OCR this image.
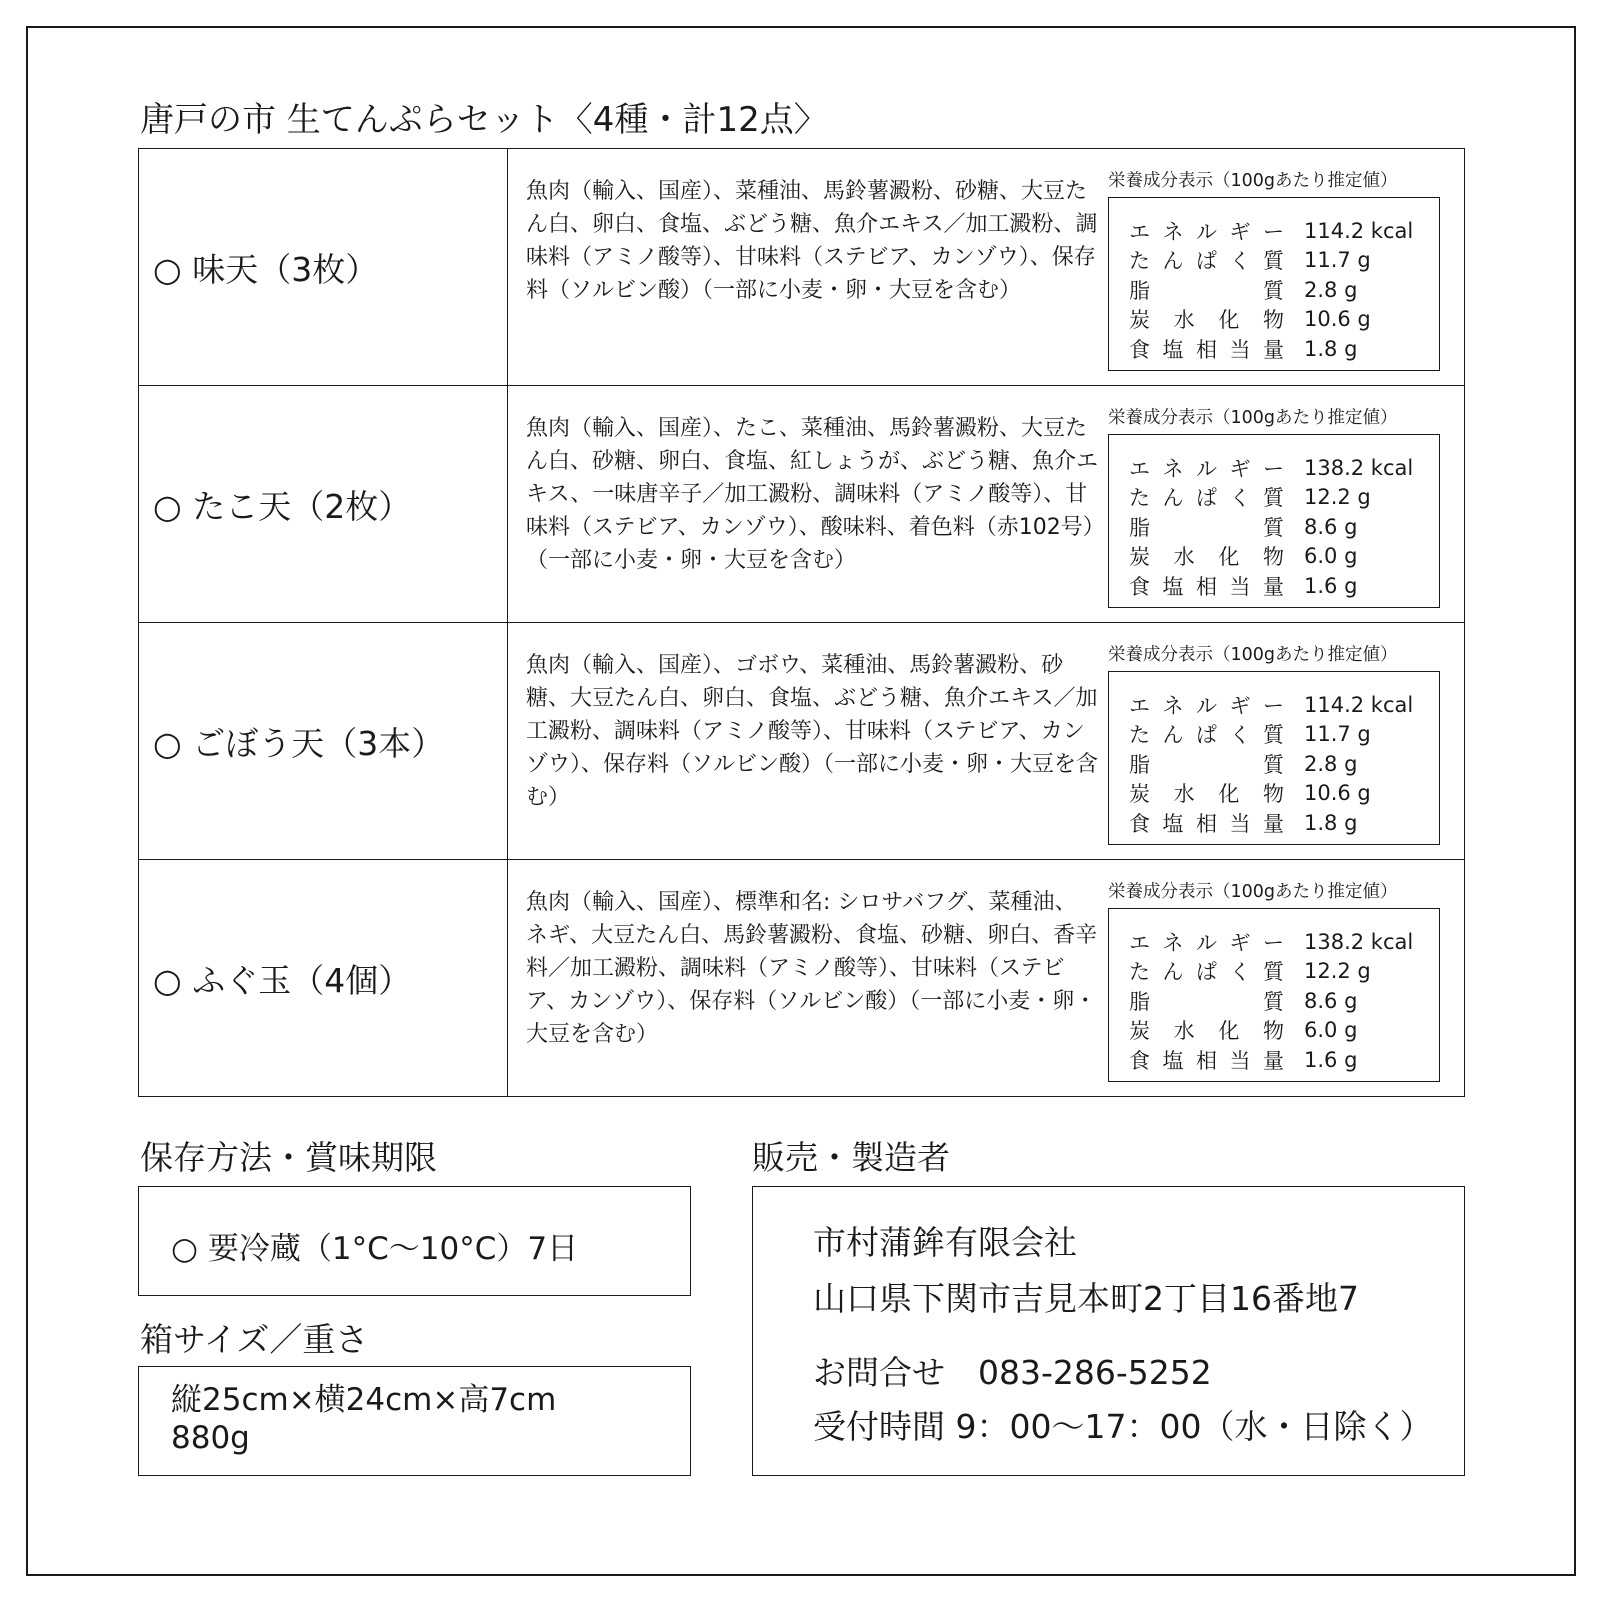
唐戸の市 生てんぷらセット〈4種・計12点〉
○ 味天（3枚）
魚肉（輸入、国産）、菜種油、馬鈴薯澱粉、砂糖、大豆たん白、卵白、食塩、ぶどう糖、魚介エキス／加工澱粉、調味料（アミノ酸等）、甘味料（ステビア、カンゾウ）、保存料（ソルビン酸）（一部に小麦・卵・大豆を含む）
栄養成分表示（100gあたり推定値）
エ ネ ル ギ ー 114.2 kcal
た ん ぱ く 質 11.7 g
脂	質 2.8 g
炭 水 化 物 10.6 g
食 塩 相 当 量 1.8 g
○ たこ天（2枚）
魚肉（輸入、国産）、たこ、菜種油、馬鈴薯澱粉、大豆たん白、砂糖、卵白、食塩、紅しょうが、ぶどう糖、魚介エキス、一味唐辛子／加工澱粉、調味料（アミノ酸等）、甘味料（ステビア、カンゾウ）、酸味料、着色料（赤102号）（一部に小麦・卵・大豆を含む）
栄養成分表示（100gあたり推定値）
エ ネ ル ギ ー 138.2 kcal
た ん ぱ く 質 12.2 g
脂	質 8.6 g
炭 水 化 物 6.0 g
食 塩 相 当 量 1.6 g
○ ごぼう天（3本）
魚肉（輸入、国産）、ゴボウ、菜種油、馬鈴薯澱粉、砂糖、大豆たん白、卵白、食塩、ぶどう糖、魚介エキス／加工澱粉、調味料（アミノ酸等）、甘味料（ステビア、カンゾウ）、保存料（ソルビン酸）（一部に小麦・卵・大豆を含む）
栄養成分表示（100gあたり推定値）
エ ネ ル ギ ー 114.2 kcal
た ん ぱ く 質 11.7 g
脂	質 2.8 g
炭 水 化 物 10.6 g
食 塩 相 当 量 1.8 g
○ ふぐ玉（4個）
魚肉（輸入、国産）、標準和名: シロサバフグ、菜種油、ネギ、大豆たん白、馬鈴薯澱粉、食塩、砂糖、卵白、香辛料／加工澱粉、調味料（アミノ酸等）、甘味料（ステビア、カンゾウ）、保存料（ソルビン酸）（一部に小麦・卵・大豆を含む）
栄養成分表示（100gあたり推定値）
エ ネ ル ギ ー 138.2 kcal
た ん ぱ く 質 12.2 g
脂	質 8.6 g
炭 水 化 物 6.0 g
食 塩 相 当 量 1.6 g
保存方法・賞味期限
○ 要冷蔵（1°C～10°C）7日
箱サイズ／重さ
縦25cm×横24cm×高7cm
880g
販売・製造者
市村蒲鉾有限会社
山口県下関市吉見本町2丁目16番地7
お問合せ　083-286-5252
受付時間 9：00～17：00（水・日除く）
